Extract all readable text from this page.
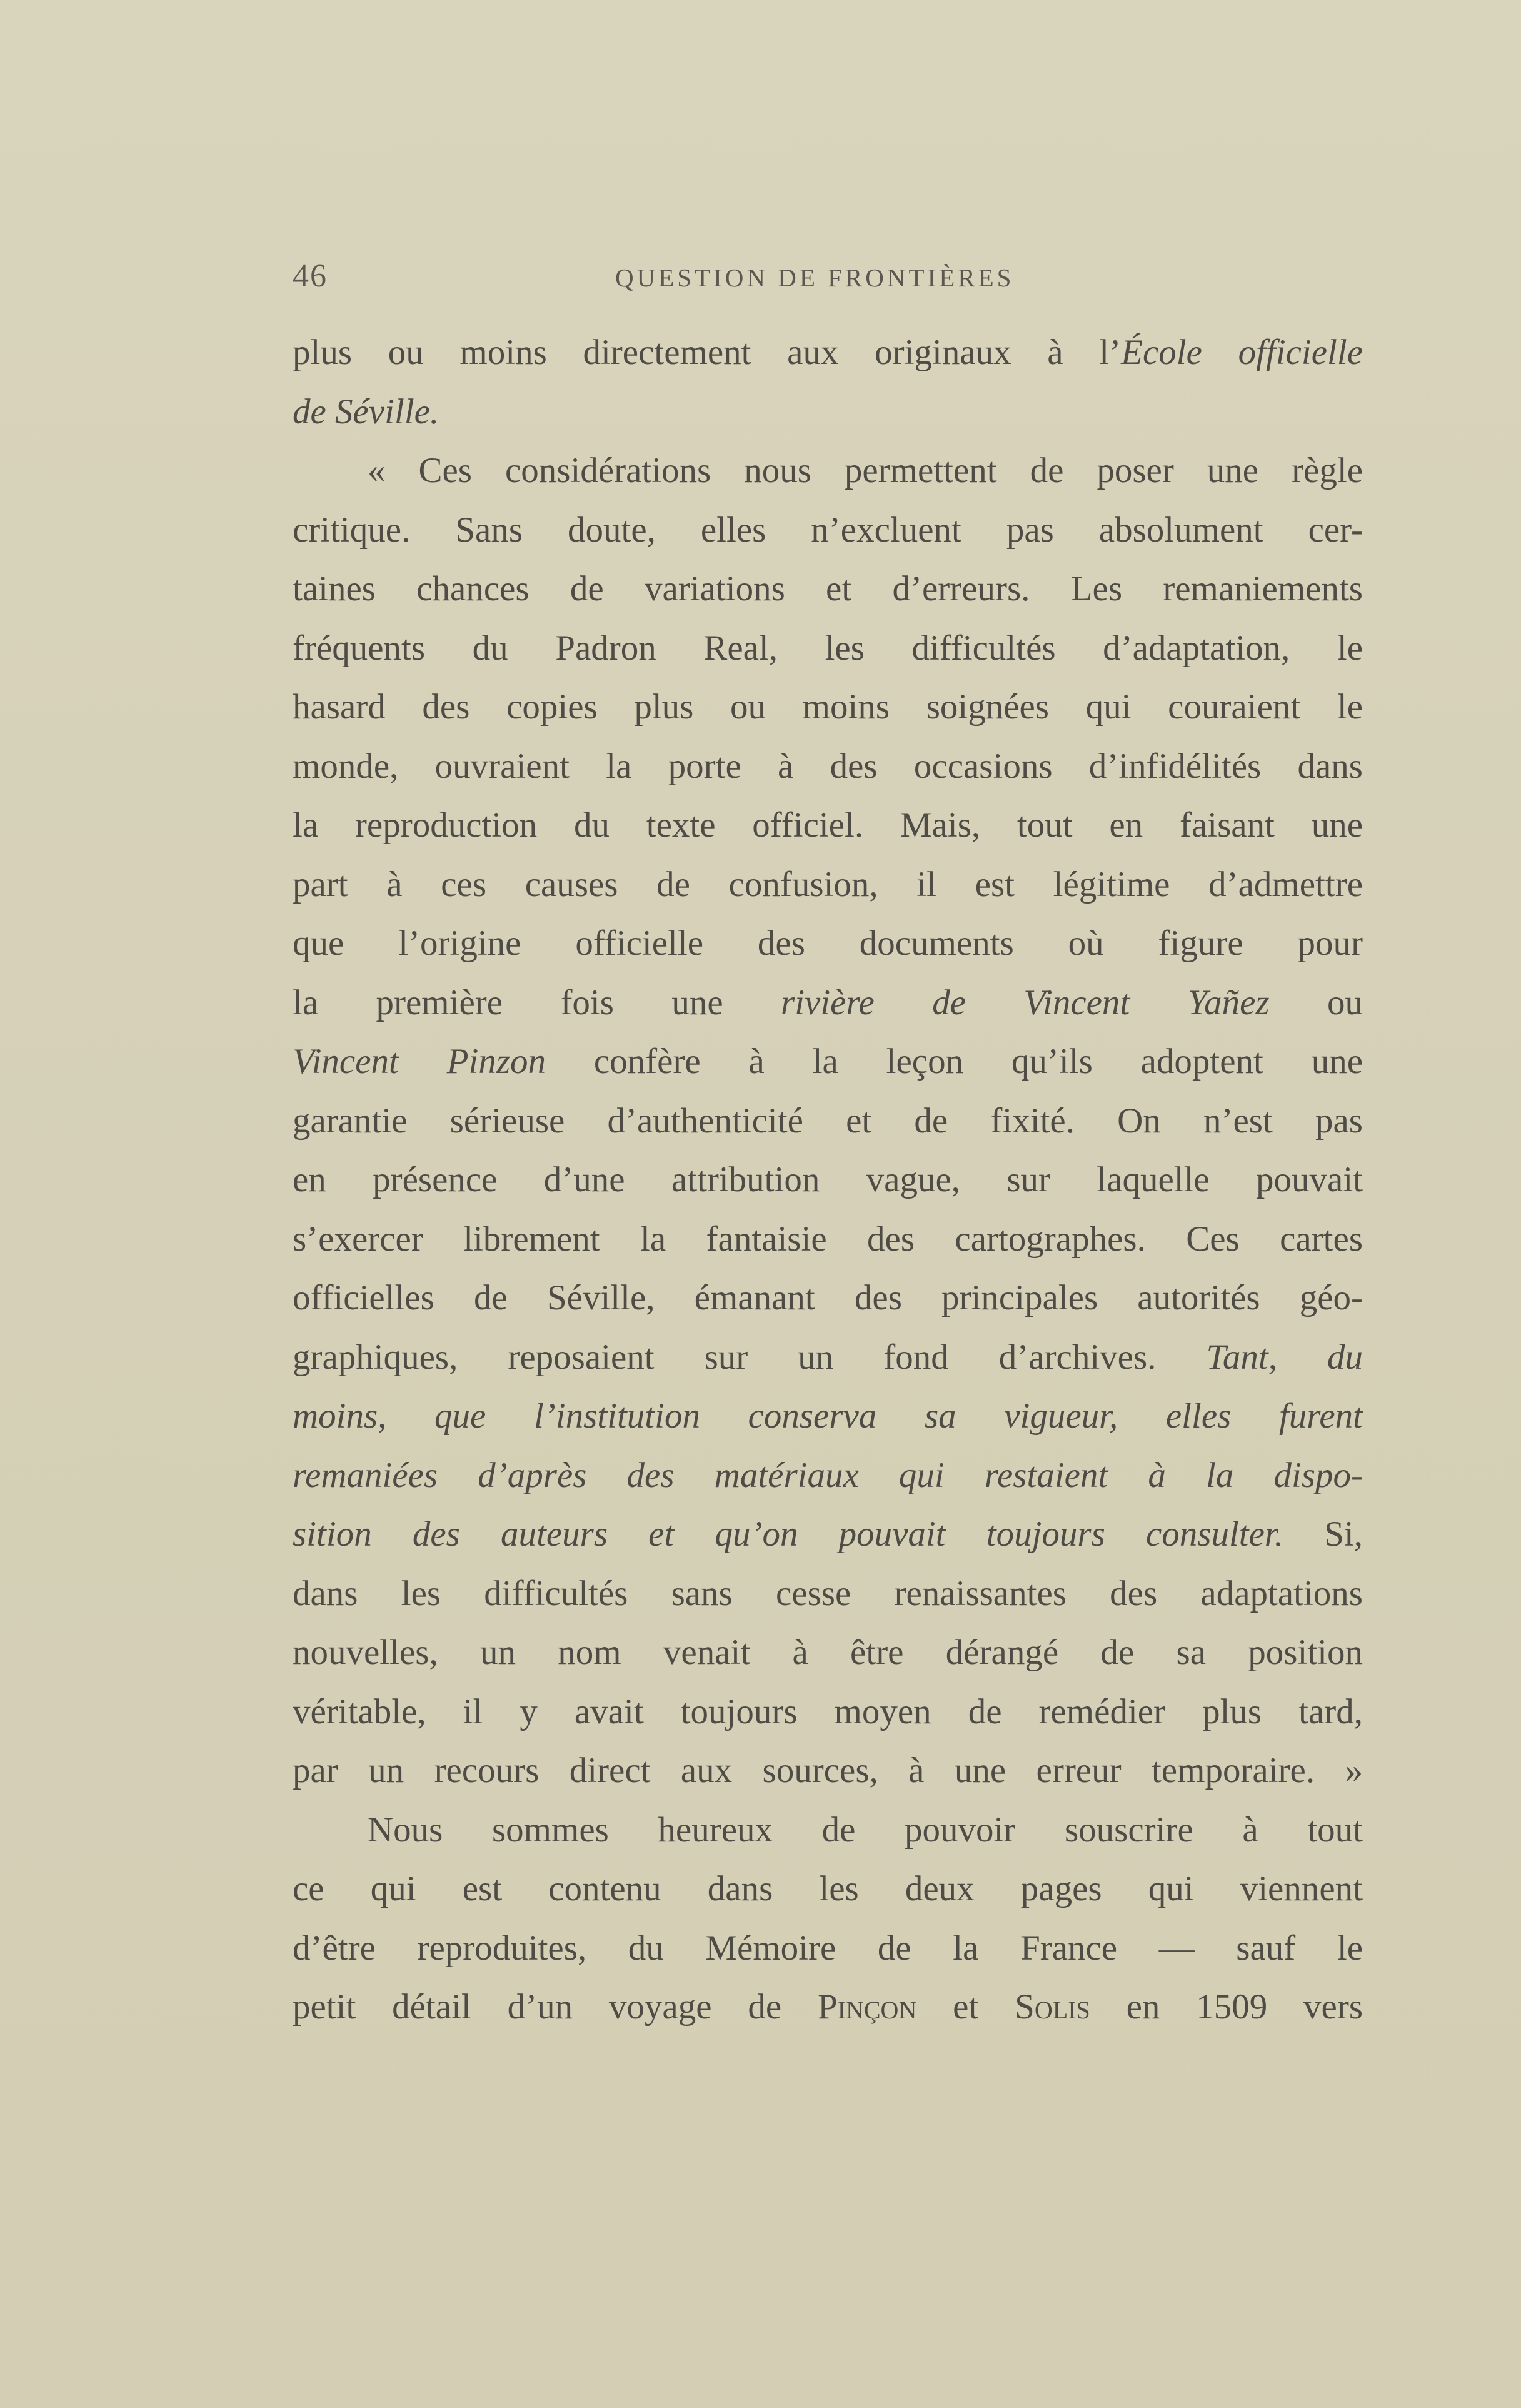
46	QUESTION DE FRONTIÈRES
plus ou moins directement aux originaux à l’École officielle
de Séville.
« Ces considérations nous permettent de poser une règle
critique. Sans doute, elles n’excluent pas absolument cer-
taines chances de variations et d’erreurs. Les remaniements
fréquents du Padron Real, les difficultés d’adaptation, le
hasard des copies plus ou moins soignées qui couraient le
monde, ouvraient la porte à des occasions d’infidélités dans
la reproduction du texte officiel. Mais, tout en faisant une
part à ces causes de confusion, il est légitime d’admettre
que l’origine officielle des documents où figure pour
la première fois une rivière de Vincent Yañez ou
Vincent Pinzon confère à la leçon qu’ils adoptent une
garantie sérieuse d’authenticité et de fixité. On n’est pas
en présence d’une attribution vague, sur laquelle pouvait
s’exercer librement la fantaisie des cartographes. Ces cartes
officielles de Séville, émanant des principales autorités géo-
graphiques, reposaient sur un fond d’archives. Tant, du
moins, que l’institution conserva sa vigueur, elles furent
remaniées d’après des matériaux qui restaient à la dispo-
sition des auteurs et qu’on pouvait toujours consulter. Si,
dans les difficultés sans cesse renaissantes des adaptations
nouvelles, un nom venait à être dérangé de sa position
véritable, il y avait toujours moyen de remédier plus tard,
par un recours direct aux sources, à une erreur temporaire. »
Nous sommes heureux de pouvoir souscrire à tout
ce qui est contenu dans les deux pages qui viennent
d’être reproduites, du Mémoire de la France — sauf le
petit détail d’un voyage de Pinçon et Solis en 1509 vers
